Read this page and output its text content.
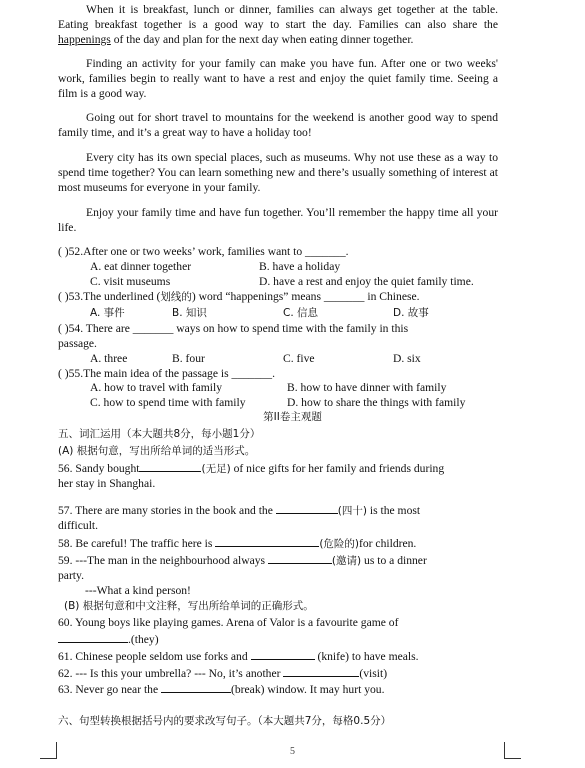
When it is breakfast, lunch or dinner, families can always get together at the table. Eating breakfast together is a good way to start the day. Families can also share the happenings of the day and plan for the next day when eating dinner together.
Finding an activity for your family can make you have fun. After one or two weeks' work, families begin to really want to have a rest and enjoy the quiet family time. Seeing a film is a good way.
Going out for short travel to mountains for the weekend is another good way to spend family time, and it’s a great way to have a holiday too!
Every city has its own special places, such as museums. Why not use these as a way to spend time together? You can learn something new and there’s usually something of interest at most museums for everyone in your family.
Enjoy your family time and have fun together. You’ll remember the happy time all your life.
( )52.After one or two weeks’ work, families want to _______.
A. eat dinner together	B. have a holiday
C. visit museums	D. have a rest and enjoy the quiet family time.
( )53.The underlined (划线的) word “happenings” means _______ in Chinese.
A. 事件	B. 知识	C. 信息	D. 故事
( )54. There are _______ ways on how to spend time with the family in this
passage.
A. three	B. four	C. five	D. six
( )55.The main idea of the passage is _______.
A. how to travel with family	B. how to have dinner with family
C. how to spend time with family	D. how to share the things with family
第II卷主观题
五、词汇运用（本大题共8分，每小题1分）
(A) 根据句意，写出所给单词的适当形式。
56. Sandy bought	(无足) of nice gifts for her family and friends during
her stay in Shanghai.
57. There are many stories in the book and the	(四十) is the most
difficult.
58. Be careful! The traffic here is	(危险的)for children.
59. ---The man in the neighbourhood always	(邀请) us to a dinner
party.
---What a kind person!
(B) 根据句意和中文注释，写出所给单词的正确形式。
60. Young boys like playing games. Arena of Valor is a favourite game of
.(they)
61. Chinese people seldom use forks and	(knife) to have meals.
62. --- Is this your umbrella? --- No, it’s another	(visit)
63. Never go near the	(break) window. It may hurt you.
六、句型转换根据括号内的要求改写句子。（本大题共7分，每格0.5分）
5
